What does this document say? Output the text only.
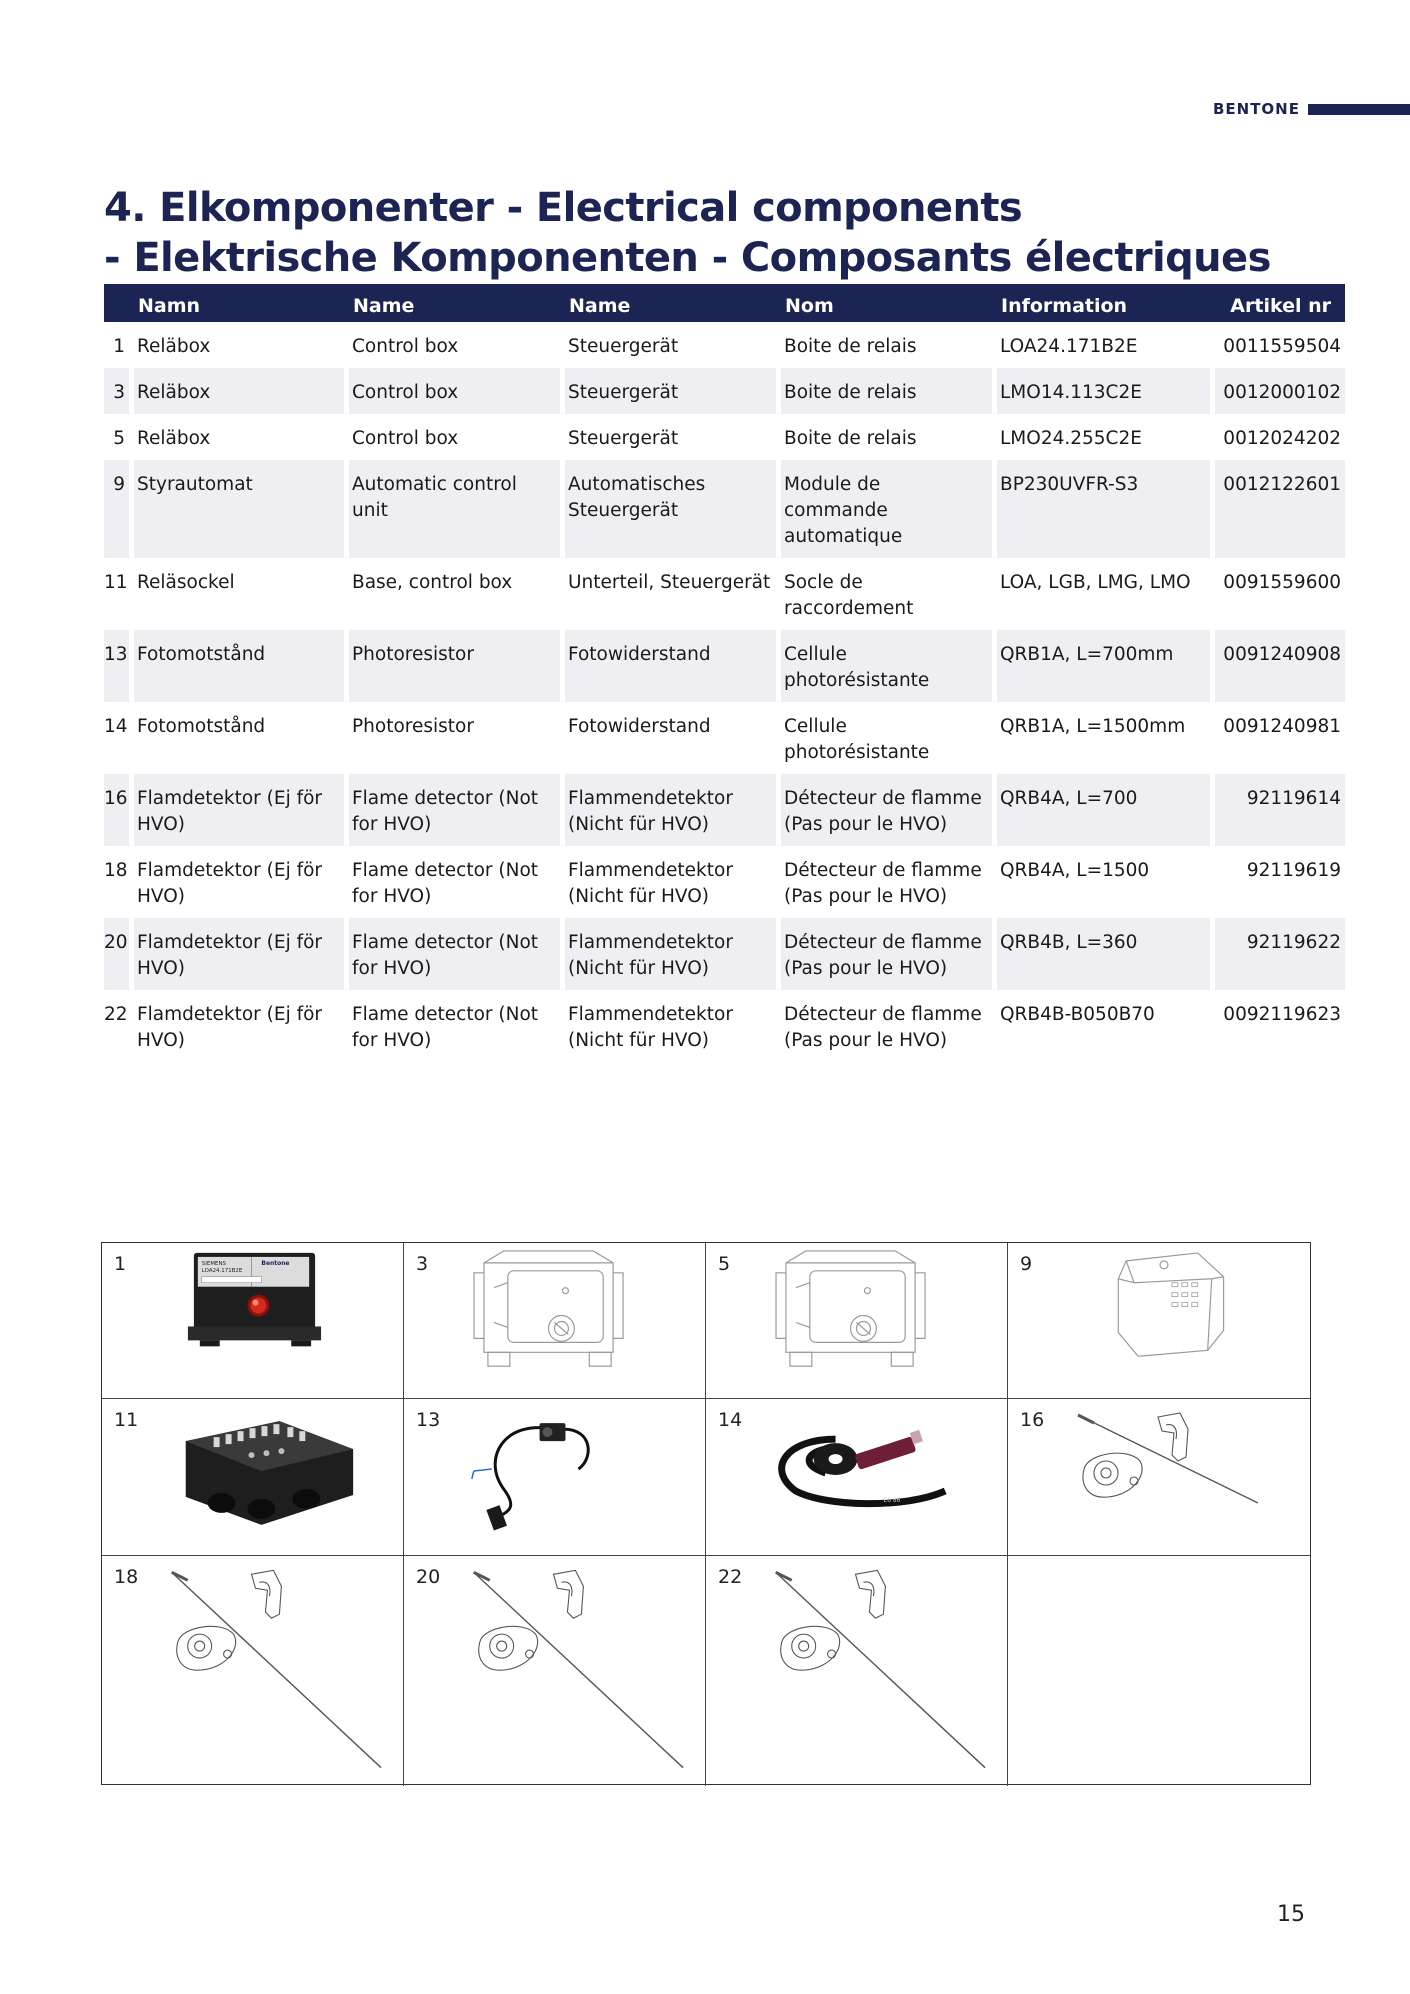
BENTONE
4. Elkomponenter - Electrical components
- Elektrische Komponenten - Composants électriques
	Namn	Name	Name	Nom	Information	Artikel nr
1	Reläbox	Control box	Steuergerät	Boite de relais	LOA24.171B2E	0011559504
3	Reläbox	Control box	Steuergerät	Boite de relais	LMO14.113C2E	0012000102
5	Reläbox	Control box	Steuergerät	Boite de relais	LMO24.255C2E	0012024202
9	Styrautomat	Automatic control unit	Automatisches Steuergerät	Module de commande automatique	BP230UVFR-S3	0012122601
11	Reläsockel	Base, control box	Unterteil, Steuergerät	Socle de raccordement	LOA, LGB, LMG, LMO	0091559600
13	Fotomotstånd	Photoresistor	Fotowiderstand	Cellule photorésistante	QRB1A, L=700mm	0091240908
14	Fotomotstånd	Photoresistor	Fotowiderstand	Cellule photorésistante	QRB1A, L=1500mm	0091240981
16	Flamdetektor (Ej för HVO)	Flame detector (Not for HVO)	Flammendetektor (Nicht für HVO)	Détecteur de flamme (Pas pour le HVO)	QRB4A, L=700	92119614
18	Flamdetektor (Ej för HVO)	Flame detector (Not for HVO)	Flammendetektor (Nicht für HVO)	Détecteur de flamme (Pas pour le HVO)	QRB4A, L=1500	92119619
20	Flamdetektor (Ej för HVO)	Flame detector (Not for HVO)	Flammendetektor (Nicht für HVO)	Détecteur de flamme (Pas pour le HVO)	QRB4B, L=360	92119622
22	Flamdetektor (Ej för HVO)	Flame detector (Not for HVO)	Flammendetektor (Nicht für HVO)	Détecteur de flamme (Pas pour le HVO)	QRB4B-B050B70	0092119623
1	SIEMENS
LOA24.171B2E
Bentone	3	5	9
11	13	14
E6 86
16
18	20	22
15
